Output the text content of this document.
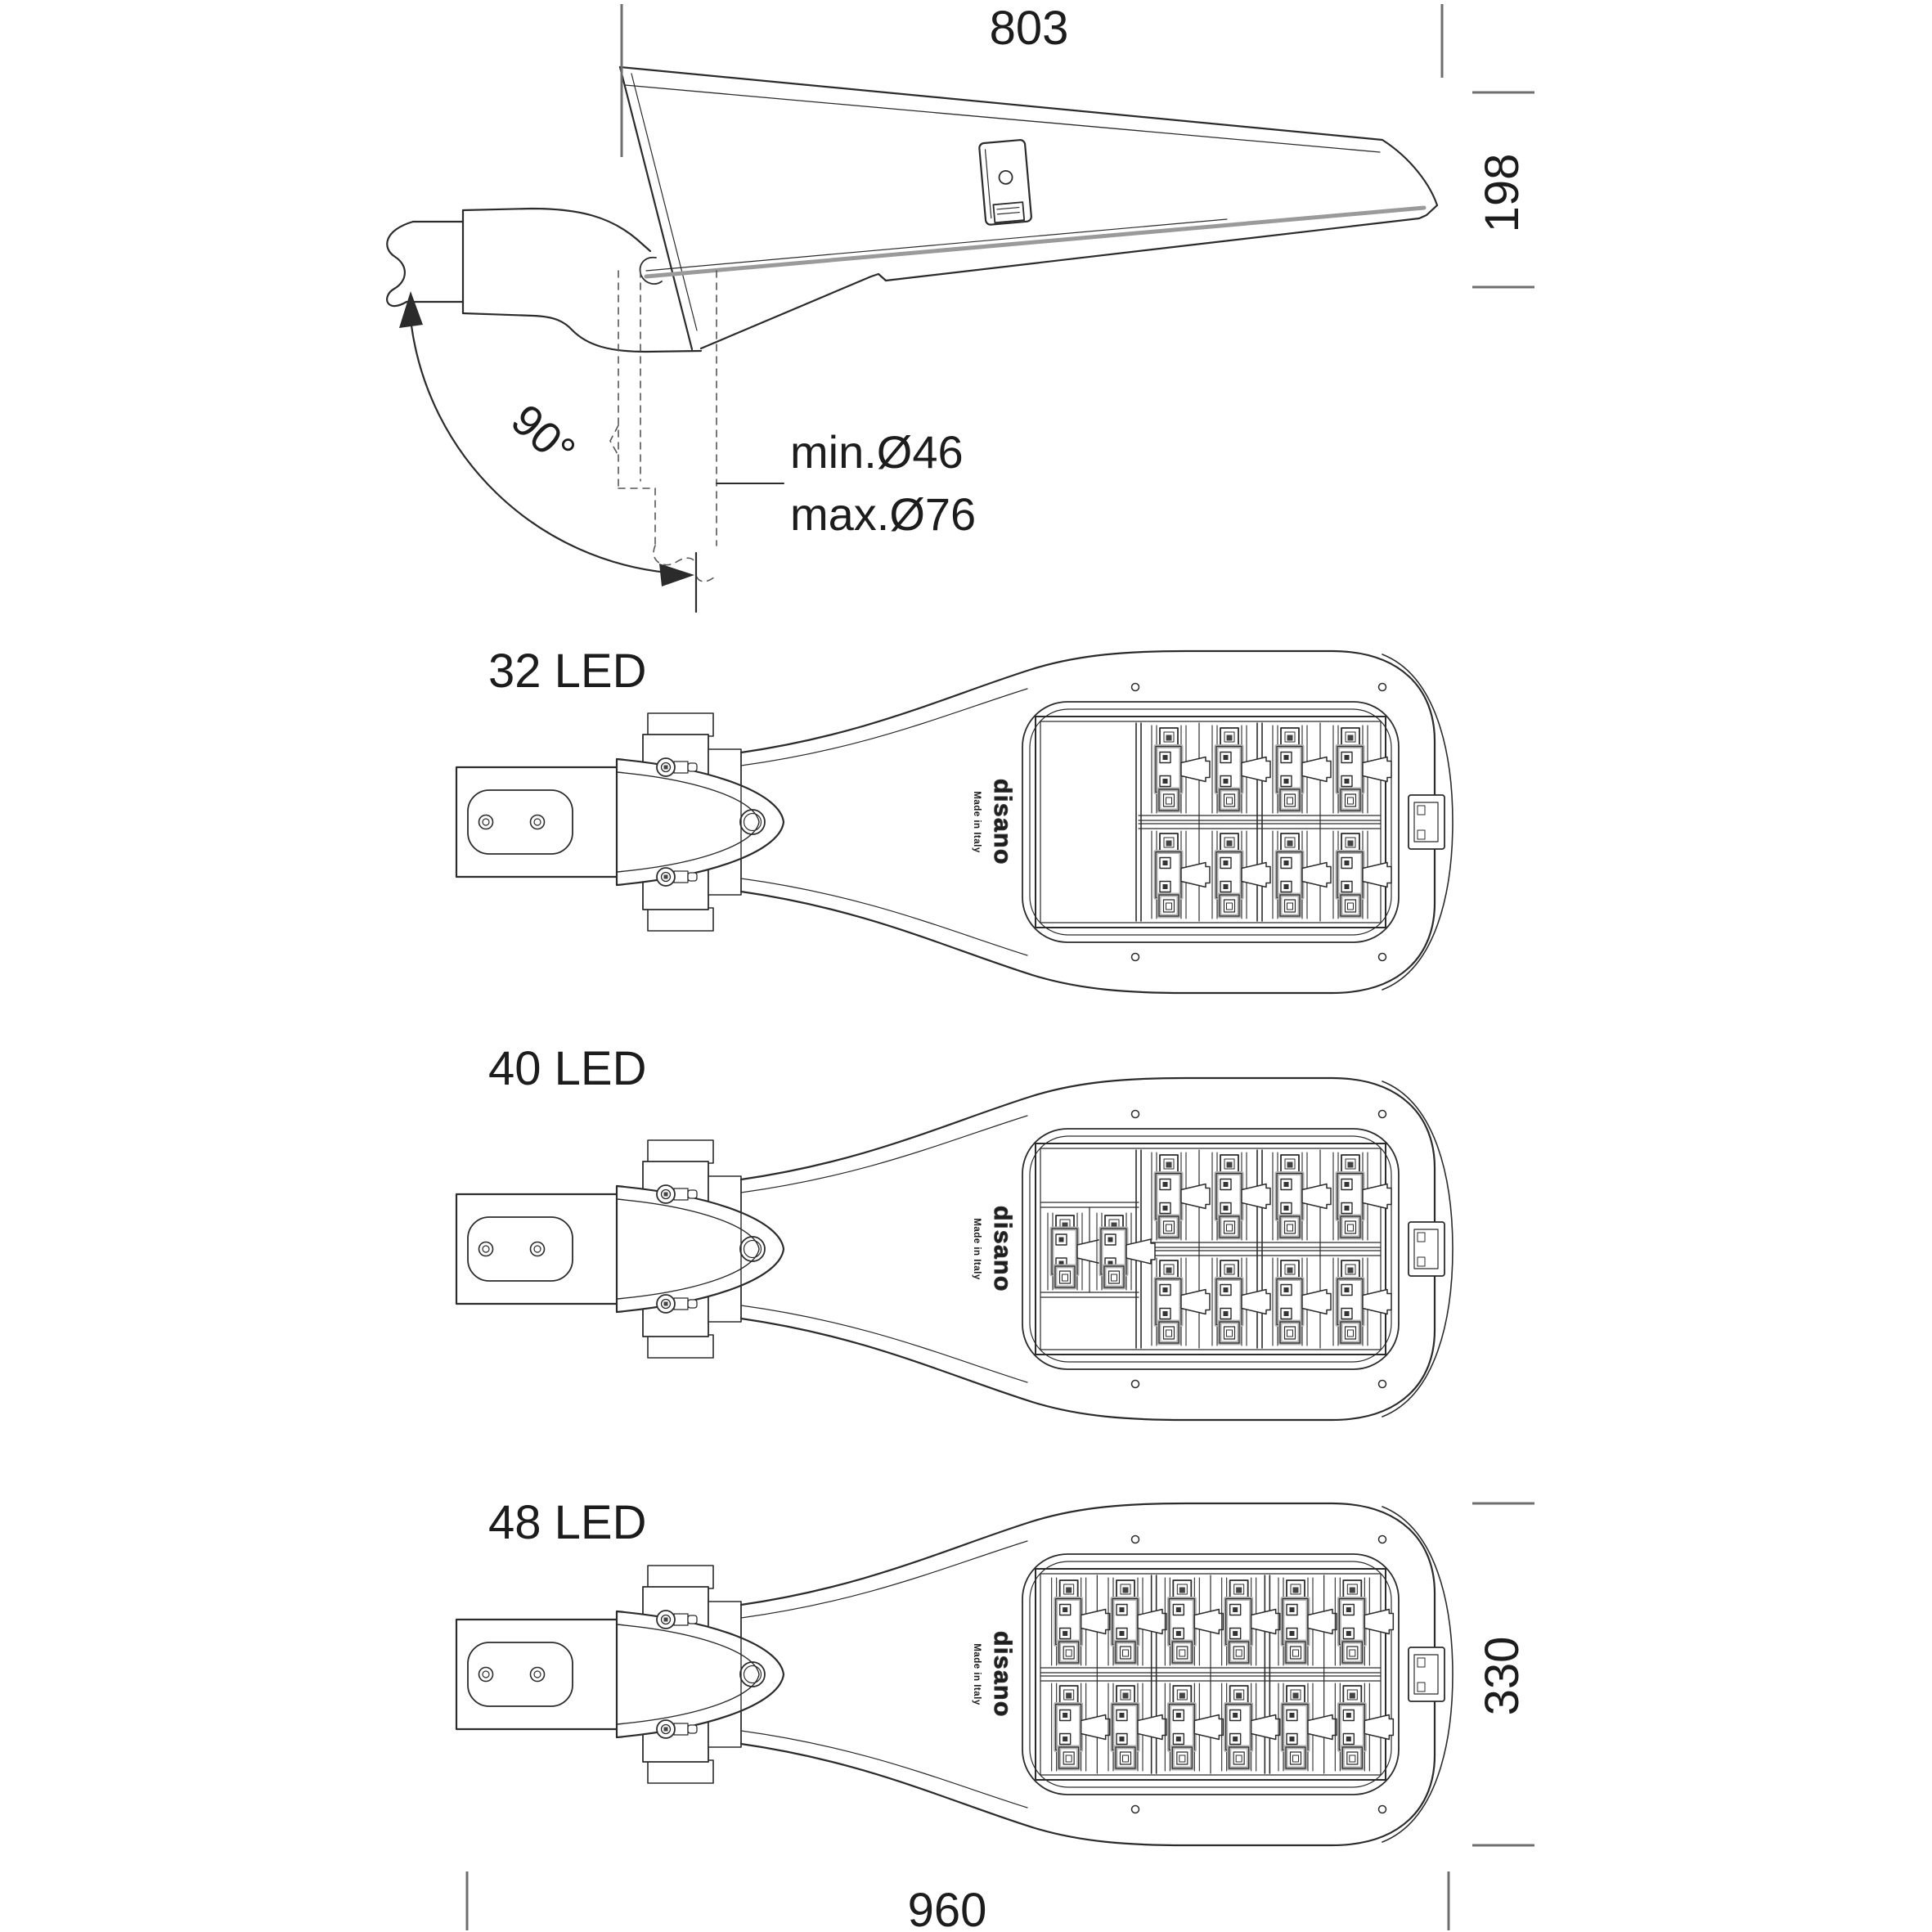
803
198
90°	min.Ø46
max.Ø76
330
960
disano
Made in Italy
disano
Made in Italy
disano
Made in Italy
32 LED
40 LED
48 LED
